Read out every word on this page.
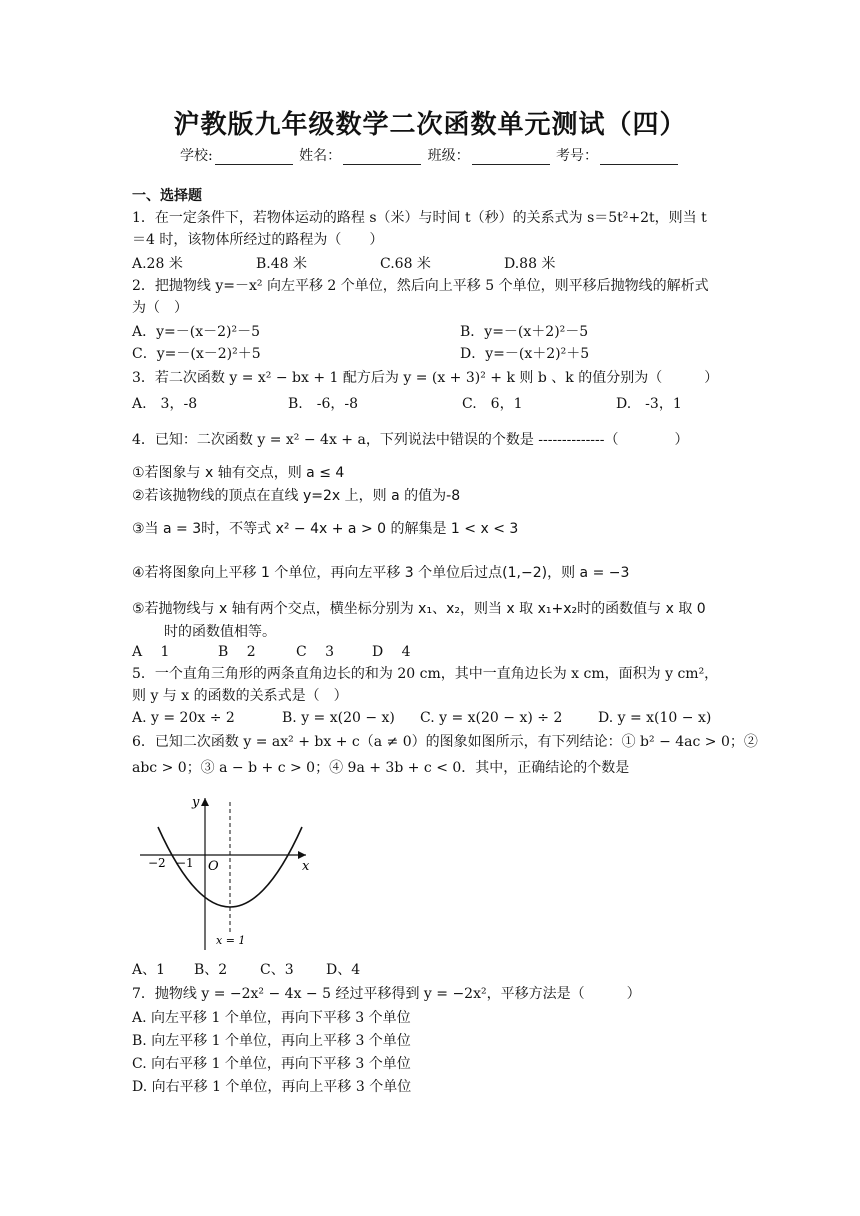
沪教版九年级数学二次函数单元测试（四）
学校:	姓名：	班级：	考号：
一、选择题
1．在一定条件下，若物体运动的路程 s（米）与时间 t（秒）的关系式为 s＝5t²+2t，则当 t
＝4 时，该物体所经过的路程为（　　）
A.28 米	B.48 米	C.68 米	D.88 米
2．把抛物线 y=－x² 向左平移 2 个单位，然后向上平移 5 个单位，则平移后抛物线的解析式
为（　）
A．y=－(x－2)²－5	B．y=－(x＋2)²－5
C．y=－(x－2)²＋5	D．y=－(x＋2)²＋5
3．若二次函数 y = x² − bx + 1 配方后为 y = (x + 3)² + k 则 b 、k 的值分别为（　　　）
A.　3，-8	B.　-6，-8	C.　6，1	D.　-3，1
4．已知：二次函数 y = x² − 4x + a，下列说法中错误的个数是 --------------（　　　　）
①若图象与 x 轴有交点，则 a ≤ 4
②若该抛物线的顶点在直线 y=2x 上，则 a 的值为-8
③当 a = 3时，不等式 x² − 4x + a > 0 的解集是 1 < x < 3
④若将图象向上平移 1 个单位，再向左平移 3 个单位后过点(1,−2)，则 a = −3
⑤若抛物线与 x 轴有两个交点，横坐标分别为 x₁、x₂，则当 x 取 x₁+x₂时的函数值与 x 取 0
时的函数值相等。
A　 1	B　 2	C　 3	D　 4
5．一个直角三角形的两条直角边长的和为 20 cm，其中一直角边长为 x cm，面积为 y cm²，
则 y 与 x 的函数的关系式是（　）
A. y = 20x ÷ 2	B. y = x(20 − x) C. y = x(20 − x) ÷ 2	D. y = x(10 − x)
6．已知二次函数 y = ax² + bx + c（a ≠ 0）的图象如图所示，有下列结论：① b² − 4ac > 0；②
abc > 0；③ a − b + c > 0；④ 9a + 3b + c < 0．其中，正确结论的个数是
y
x
O
−2 −1
x = 1
A、1 B、2 C、3 D、4
7．抛物线 y = −2x² − 4x − 5 经过平移得到 y = −2x²，平移方法是（　　　）
A. 向左平移 1 个单位，再向下平移 3 个单位
B. 向左平移 1 个单位，再向上平移 3 个单位
C. 向右平移 1 个单位，再向下平移 3 个单位
D. 向右平移 1 个单位，再向上平移 3 个单位
